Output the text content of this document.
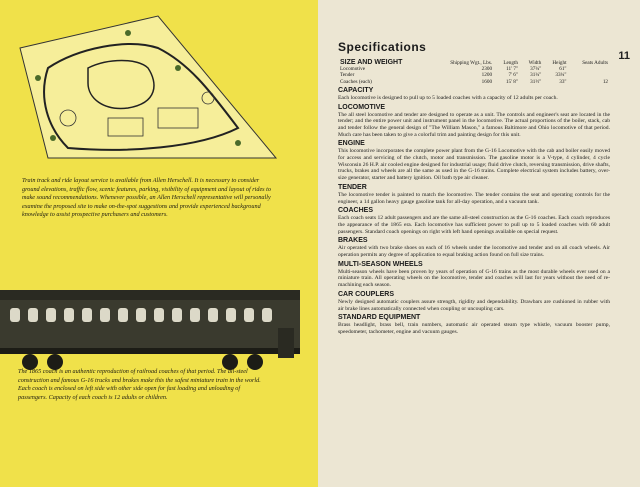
Train track and ride layout service is available from Allen Herschell. It is necessary to consider ground elevations, traffic flow, scenic features, parking, visibility of equipment and layout of rides to make sound recommendations. Whenever possible, an Allen Herschell representative will personally examine the proposed site to make on-the-spot suggestions and provide experienced background knowledge to assist prospective purchasers and customers.
The 1865 coach is an authentic reproduction of railroad coaches of that period. The all-steel construction and famous G-16 trucks and brakes make this the safest miniature train in the world. Each coach is enclosed on left side with other side open for fast loading and unloading of passengers. Capacity of each coach is 12 adults or children.
11
Specifications
SIZE AND WEIGHT	Shipping Wgt., Lbs.	Length	Width	Height	Seats Adults
Locomotive	2300	11' 7"	37¼"	61"	
Tender	1200	7' 6"	31¼"	33¼"	
Coaches (each)	1600	15' 8"	31½"	33"	12
CAPACITY

Each locomotive is designed to pull up to 5 loaded coaches with a capacity of 12 adults per coach.

LOCOMOTIVE

The all steel locomotive and tender are designed to operate as a unit. The controls and engineer's seat are located in the tender; and the entire power unit and instrument panel in the locomotive. The actual proportions of the boiler, stack, cab and tender follow the general design of "The William Mason," a famous Baltimore and Ohio locomotive of that period. Much care has been taken to give a colorful trim and painting design for this unit.

ENGINE

This locomotive incorporates the complete power plant from the G-16 Locomotive with the cab and boiler easily moved for access and servicing of the clutch, motor and transmission. The gasoline motor is a V-type, 4 cylinder, 4 cycle Wisconsin 26 H.P. air cooled engine designed for industrial usage; fluid drive clutch, reversing transmission, drive shafts, trucks, brakes and wheels are all the same as used in the G-16 trains. Complete electrical system includes battery, over-size generator, starter and battery ignition. Oil bath type air cleaner.

TENDER

The locomotive tender is painted to match the locomotive. The tender contains the seat and operating controls for the engineer, a 14 gallon heavy gauge gasoline tank for all-day operation, and a vacuum tank.

COACHES

Each coach seats 12 adult passengers and are the same all-steel construction as the G-16 coaches. Each coach reproduces the appearance of the 1865 era. Each locomotive has sufficient power to pull up to 5 loaded coaches with 60 adult passengers. Standard coach openings on right with left hand openings available on special request.

BRAKES

Air operated with two brake shoes on each of 16 wheels under the locomotive and tender and on all coach wheels. Air operation permits any degree of application to equal braking action found on full size trains.

MULTI-SEASON WHEELS

Multi-season wheels have been proven by years of operation of G-16 trains as the most durable wheels ever used on a miniature train. All operating wheels on the locomotive, tender and coaches will last for years without the need of re-machining each season.

CAR COUPLERS

Newly designed automatic couplers assure strength, rigidity and dependability. Drawbars are cushioned in rubber with air brake lines automatically connected when coupling or uncoupling cars.

STANDARD EQUIPMENT

Brass headlight, brass bell, train numbers, automatic air operated steam type whistle, vacuum booster pump, speedometer, tachometer, engine and vacuum gauges.
